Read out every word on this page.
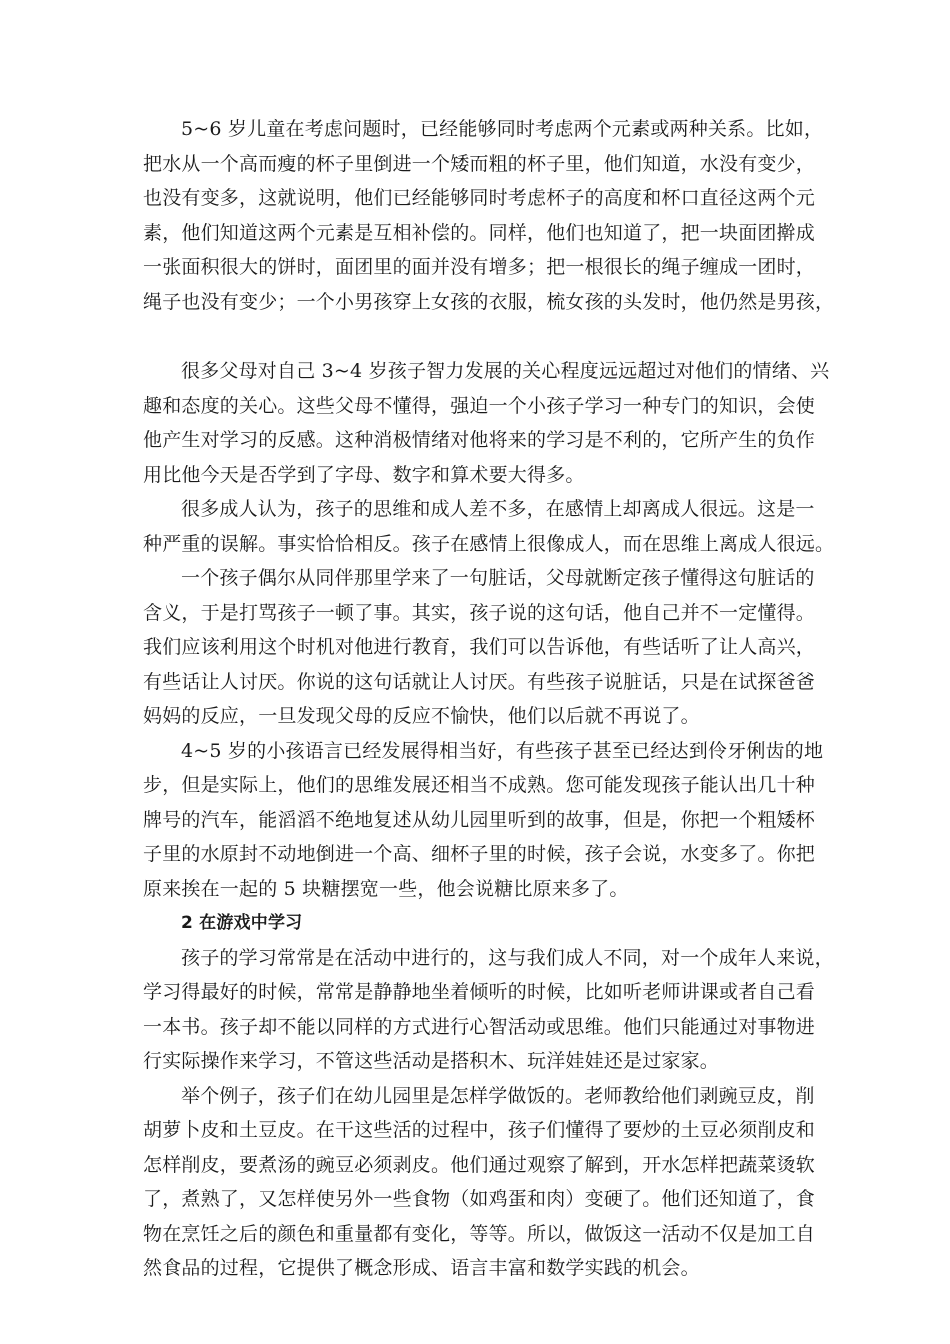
5~6 岁儿童在考虑问题时，已经能够同时考虑两个元素或两种关系。比如，
把水从一个高而瘦的杯子里倒进一个矮而粗的杯子里，他们知道，水没有变少，
也没有变多，这就说明，他们已经能够同时考虑杯子的高度和杯口直径这两个元
素，他们知道这两个元素是互相补偿的。同样，他们也知道了，把一块面团擀成
一张面积很大的饼时，面团里的面并没有增多；把一根很长的绳子缠成一团时，
绳子也没有变少；一个小男孩穿上女孩的衣服，梳女孩的头发时，他仍然是男孩，
很多父母对自己 3~4 岁孩子智力发展的关心程度远远超过对他们的情绪、兴
趣和态度的关心。这些父母不懂得，强迫一个小孩子学习一种专门的知识，会使
他产生对学习的反感。这种消极情绪对他将来的学习是不利的，它所产生的负作
用比他今天是否学到了字母、数字和算术要大得多。
很多成人认为，孩子的思维和成人差不多，在感情上却离成人很远。这是一
种严重的误解。事实恰恰相反。孩子在感情上很像成人，而在思维上离成人很远。
一个孩子偶尔从同伴那里学来了一句脏话，父母就断定孩子懂得这句脏话的
含义，于是打骂孩子一顿了事。其实，孩子说的这句话，他自己并不一定懂得。
我们应该利用这个时机对他进行教育，我们可以告诉他，有些话听了让人高兴，
有些话让人讨厌。你说的这句话就让人讨厌。有些孩子说脏话，只是在试探爸爸
妈妈的反应，一旦发现父母的反应不愉快，他们以后就不再说了。
4~5 岁的小孩语言已经发展得相当好，有些孩子甚至已经达到伶牙俐齿的地
步，但是实际上，他们的思维发展还相当不成熟。您可能发现孩子能认出几十种
牌号的汽车，能滔滔不绝地复述从幼儿园里听到的故事，但是，你把一个粗矮杯
子里的水原封不动地倒进一个高、细杯子里的时候，孩子会说，水变多了。你把
原来挨在一起的 5 块糖摆宽一些，他会说糖比原来多了。
2 在游戏中学习
孩子的学习常常是在活动中进行的，这与我们成人不同，对一个成年人来说，
学习得最好的时候，常常是静静地坐着倾听的时候，比如听老师讲课或者自己看
一本书。孩子却不能以同样的方式进行心智活动或思维。他们只能通过对事物进
行实际操作来学习，不管这些活动是搭积木、玩洋娃娃还是过家家。
举个例子，孩子们在幼儿园里是怎样学做饭的。老师教给他们剥豌豆皮，削
胡萝卜皮和土豆皮。在干这些活的过程中，孩子们懂得了要炒的土豆必须削皮和
怎样削皮，要煮汤的豌豆必须剥皮。他们通过观察了解到，开水怎样把蔬菜烫软
了，煮熟了，又怎样使另外一些食物（如鸡蛋和肉）变硬了。他们还知道了，食
物在烹饪之后的颜色和重量都有变化，等等。所以，做饭这一活动不仅是加工自
然食品的过程，它提供了概念形成、语言丰富和数学实践的机会。
